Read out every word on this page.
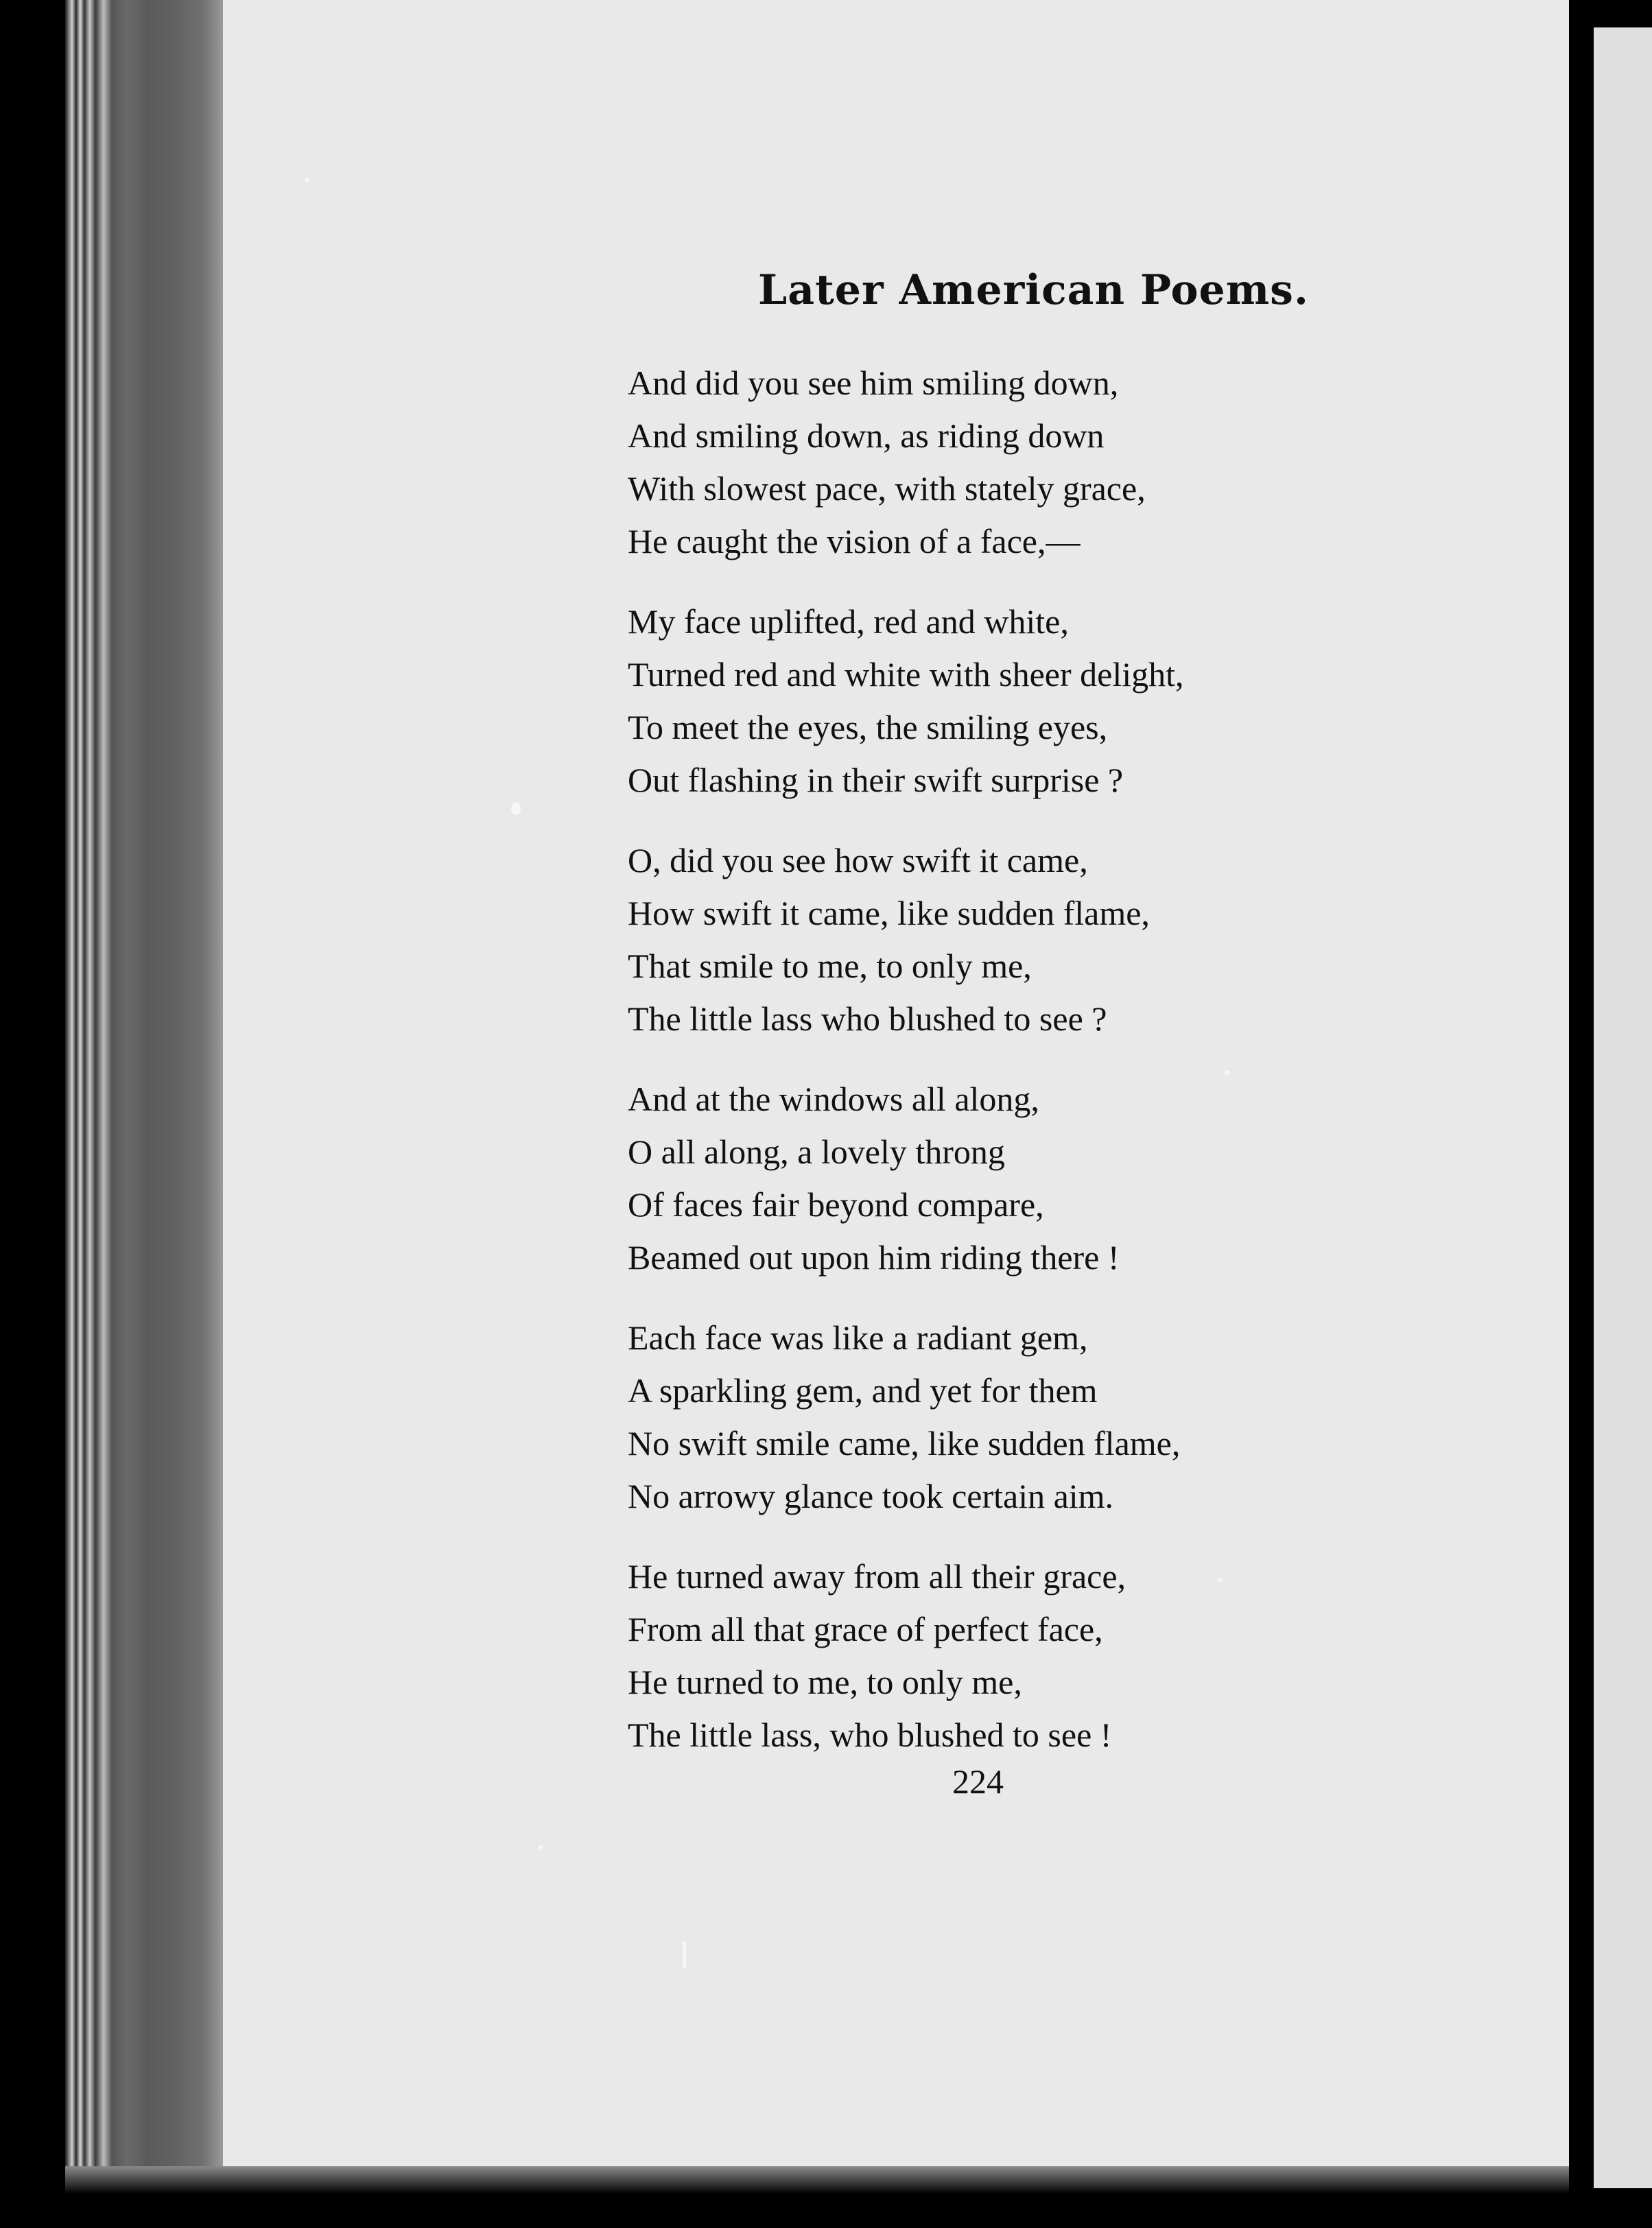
Later American Poems.
And did you see him smiling down,
And smiling down, as riding down
With slowest pace, with stately grace,
He caught the vision of a face,—
My face uplifted, red and white,
Turned red and white with sheer delight,
To meet the eyes, the smiling eyes,
Out flashing in their swift surprise ?
O, did you see how swift it came,
How swift it came, like sudden flame,
That smile to me, to only me,
The little lass who blushed to see ?
And at the windows all along,
O all along, a lovely throng
Of faces fair beyond compare,
Beamed out upon him riding there !
Each face was like a radiant gem,
A sparkling gem, and yet for them
No swift smile came, like sudden flame,
No arrowy glance took certain aim.
He turned away from all their grace,
From all that grace of perfect face,
He turned to me, to only me,
The little lass, who blushed to see !
224
